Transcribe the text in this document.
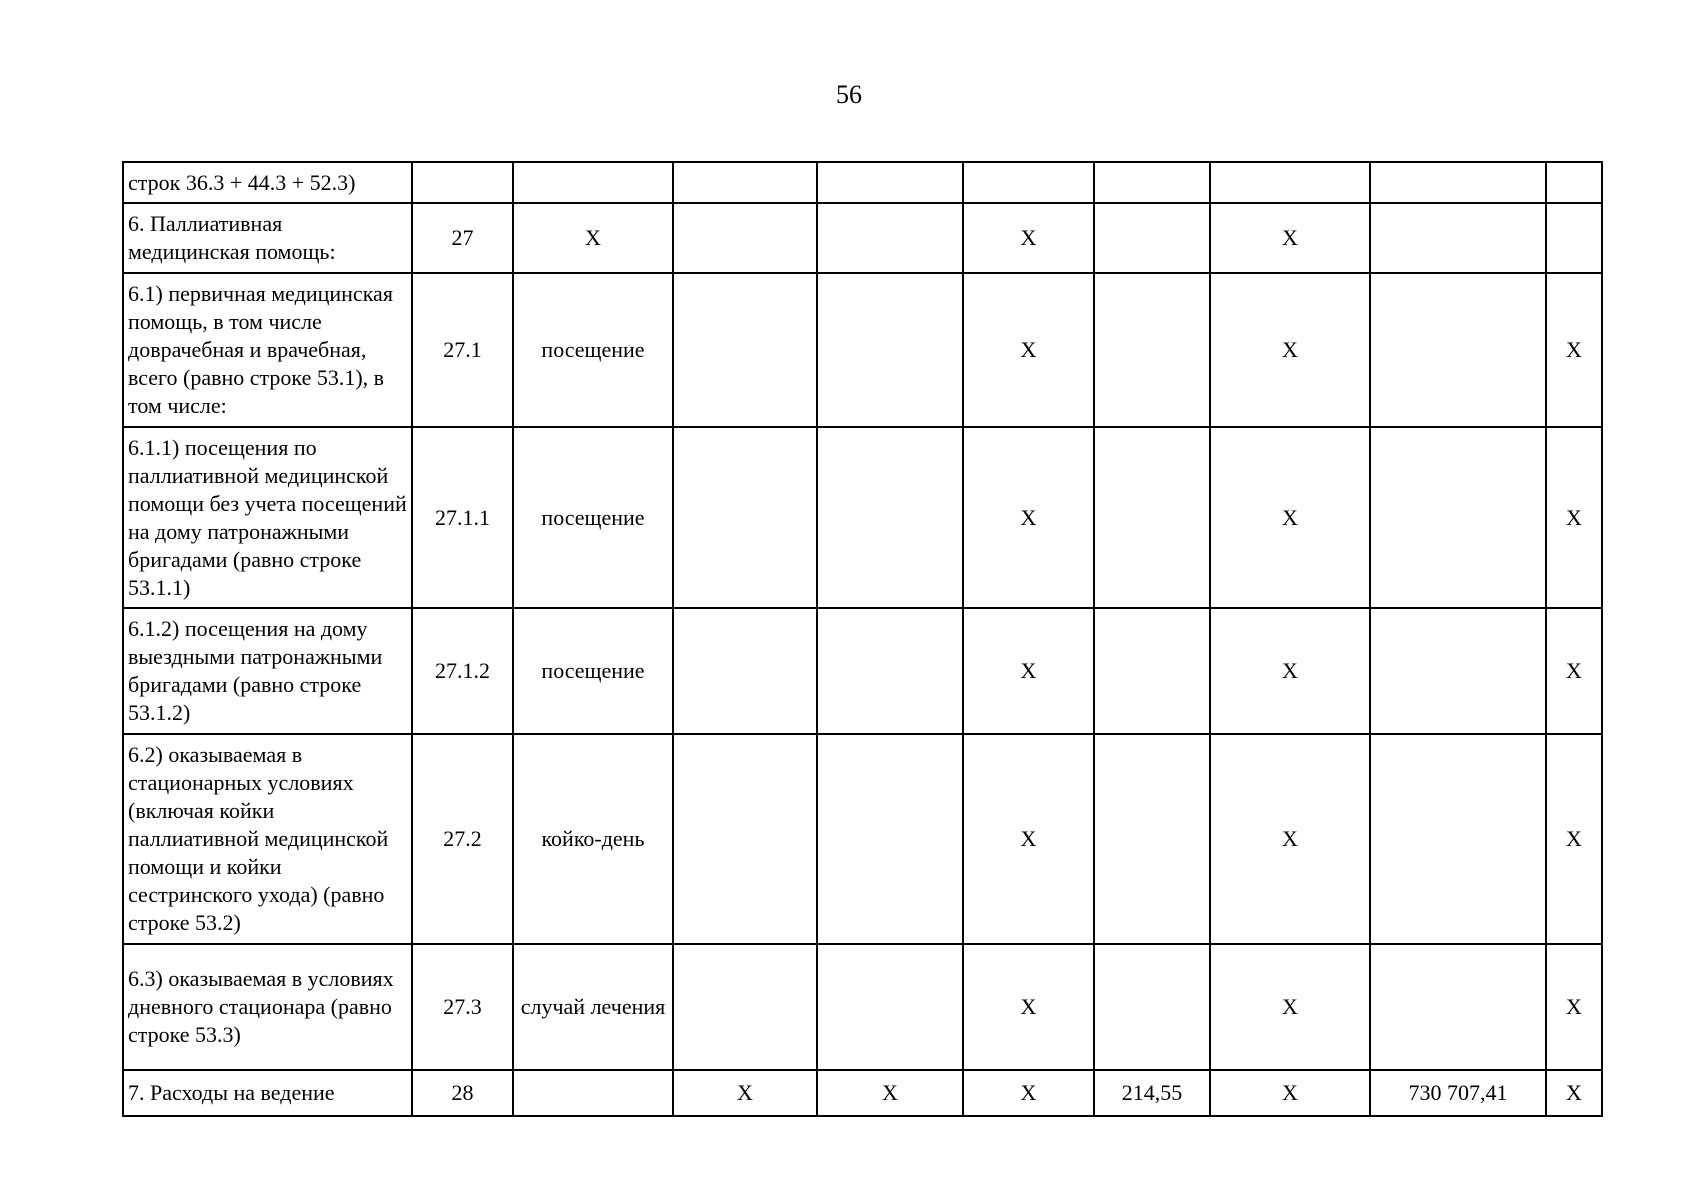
56
строк 36.3 + 44.3 + 52.3)									
6. Паллиативная медицинская помощь:	27	X			X		X		
6.1) первичная медицинская помощь, в том числе доврачебная и врачебная, всего (равно строке 53.1), в том числе:	27.1	посещение			X		X		X
6.1.1) посещения по паллиативной медицинской помощи без учета посещений на дому патронажными бригадами (равно строке 53.1.1)	27.1.1	посещение			X		X		X
6.1.2) посещения на дому выездными патронажными бригадами (равно строке 53.1.2)	27.1.2	посещение			X		X		X
6.2) оказываемая в стационарных условиях (включая койки паллиативной медицинской помощи и койки сестринского ухода) (равно строке 53.2)	27.2	койко-день			X		X		X
6.3) оказываемая в условиях дневного стационара (равно строке 53.3)	27.3	случай лечения			X		X		X
7. Расходы на ведение	28		X	X	X	214,55	X	730 707,41	X
